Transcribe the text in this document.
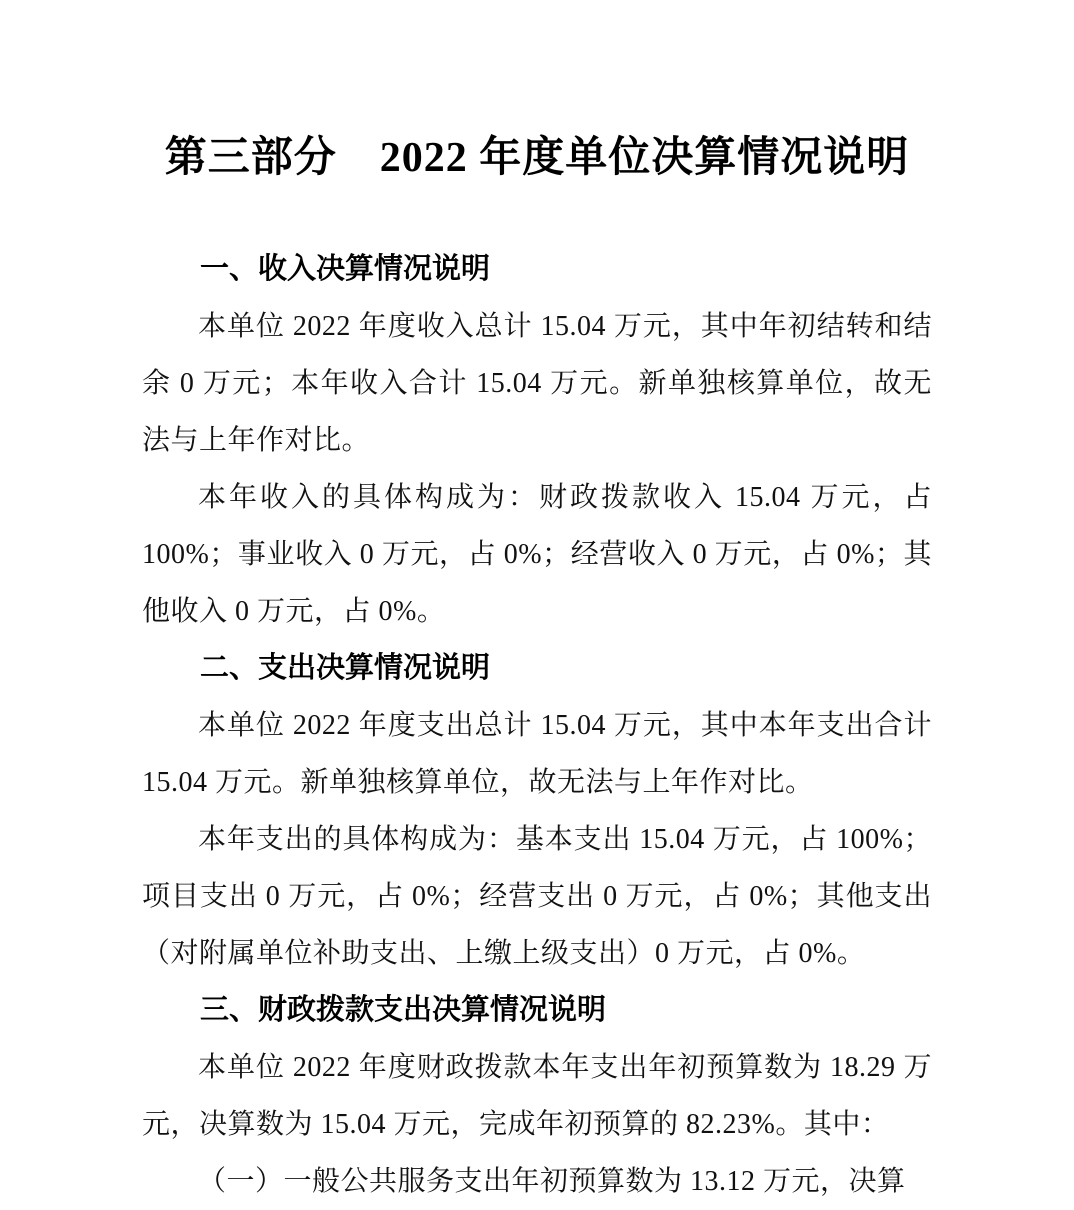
第三部分　2022 年度单位决算情况说明
一、收入决算情况说明

本单位 2022 年度收入总计 15.04 万元，其中年初结转和结余 0 万元；本年收入合计 15.04 万元。新单独核算单位，故无法与上年作对比。

本年收入的具体构成为：财政拨款收入 15.04 万元，占 100%；事业收入 0 万元，占 0%；经营收入 0 万元，占 0%；其他收入 0 万元，占 0%。

二、支出决算情况说明

本单位 2022 年度支出总计 15.04 万元，其中本年支出合计 15.04 万元。新单独核算单位，故无法与上年作对比。

本年支出的具体构成为：基本支出 15.04 万元，占 100%；项目支出 0 万元，占 0%；经营支出 0 万元，占 0%；其他支出（对附属单位补助支出、上缴上级支出）0 万元，占 0%。

三、财政拨款支出决算情况说明

本单位 2022 年度财政拨款本年支出年初预算数为 18.29 万元，决算数为 15.04 万元，完成年初预算的 82.23%。其中：

（一）一般公共服务支出年初预算数为 13.12 万元，决算
